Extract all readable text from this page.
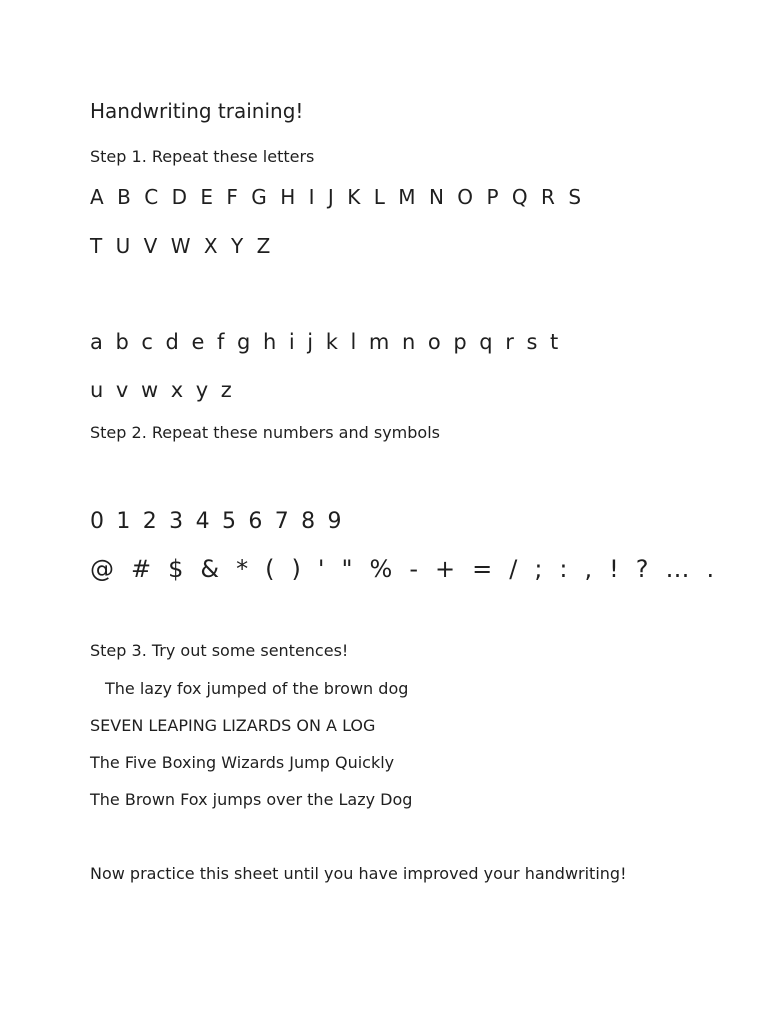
Handwriting training!
Step 1. Repeat these letters
A B C D E F G H I J K L M N O P Q R S
T U V W X Y Z
a b c d e f g h i j k l m n o p q r s t
u v w x y z
Step 2. Repeat these numbers and symbols
0 1 2 3 4 5 6 7 8 9
@ # $ & * ( ) ' " % - + = / ; : , ! ? … .
Step 3. Try out some sentences!
The lazy fox jumped of the brown dog
SEVEN LEAPING LIZARDS ON A LOG
The Five Boxing Wizards Jump Quickly
The Brown Fox jumps over the Lazy Dog
Now practice this sheet until you have improved your handwriting!
